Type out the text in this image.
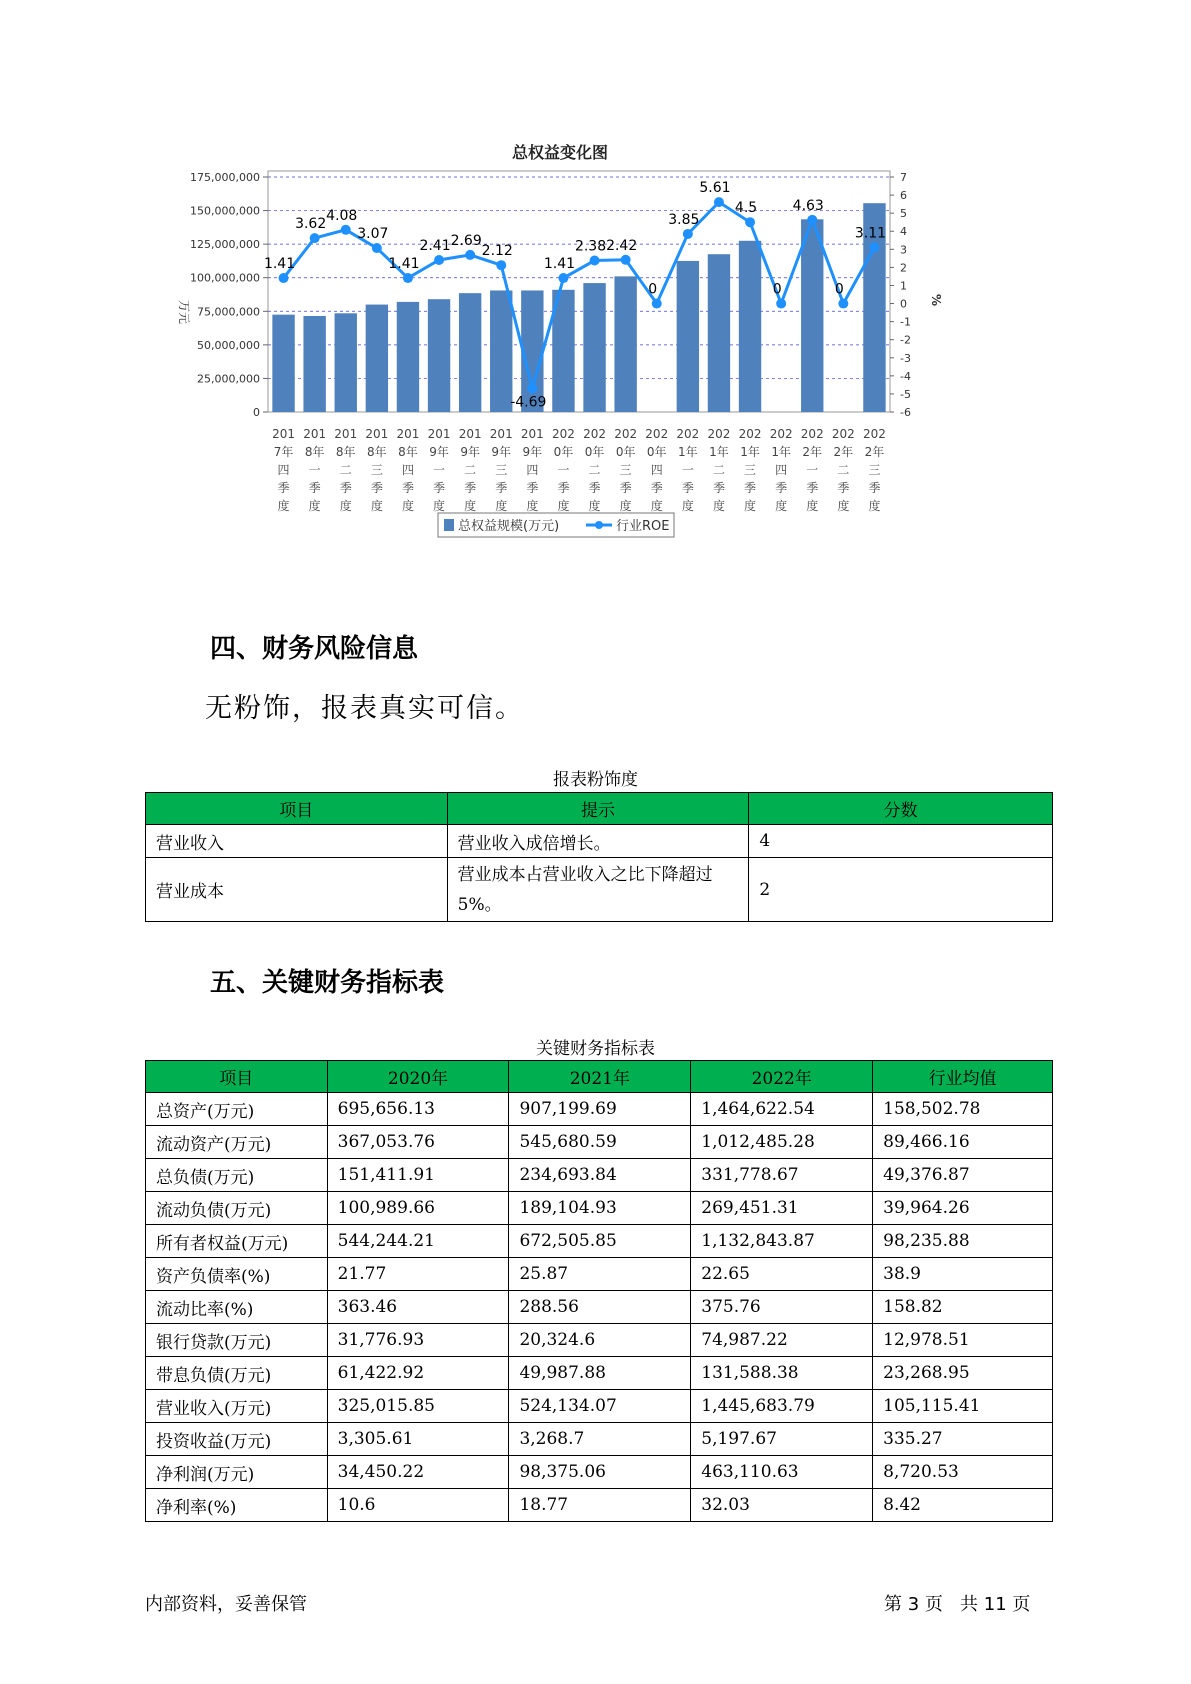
总权益变化图
0
25,000,000
50,000,000
75,000,000
100,000,000
125,000,000
150,000,000
175,000,000
-6
-5
-4
-3
-2
-1
0
1
2
3
4
5
6
7
万元	%
201
7年
四
季
度
201
8年
一
季
度
201
8年
二
季
度
201
8年
三
季
度
201
8年
四
季
度
201
9年
一
季
度
201
9年
二
季
度
201
9年
三
季
度
201
9年
四
季
度
202
0年
一
季
度
202
0年
二
季
度
202
0年
三
季
度
202
0年
四
季
度
202
1年
一
季
度
202
1年
二
季
度
202
1年
三
季
度
202
1年
四
季
度
202
2年
一
季
度
202
2年
二
季
度
202
2年
三
季
度
1.41
3.62
4.08
3.07
1.41
2.41 2.69
2.12
-4.69
1.41
2.38 2.42
0
3.85
5.61
4.5
0
4.63
0
3.11
总权益规模(万元)	行业ROE
四、财务风险信息
无粉饰，报表真实可信。
报表粉饰度
项目	提示	分数
营业收入	营业收入成倍增长。	4
营业成本	营业成本占营业收入之比下降超过5%。	2
五、关键财务指标表
关键财务指标表
项目	2020年	2021年	2022年	行业均值
总资产(万元)	695,656.13	907,199.69	1,464,622.54	158,502.78
流动资产(万元)	367,053.76	545,680.59	1,012,485.28	89,466.16
总负债(万元)	151,411.91	234,693.84	331,778.67	49,376.87
流动负债(万元)	100,989.66	189,104.93	269,451.31	39,964.26
所有者权益(万元)	544,244.21	672,505.85	1,132,843.87	98,235.88
资产负债率(%)	21.77	25.87	22.65	38.9
流动比率(%)	363.46	288.56	375.76	158.82
银行贷款(万元)	31,776.93	20,324.6	74,987.22	12,978.51
带息负债(万元)	61,422.92	49,987.88	131,588.38	23,268.95
营业收入(万元)	325,015.85	524,134.07	1,445,683.79	105,115.41
投资收益(万元)	3,305.61	3,268.7	5,197.67	335.27
净利润(万元)	34,450.22	98,375.06	463,110.63	8,720.53
净利率(%)	10.6	18.77	32.03	8.42
内部资料，妥善保管	第 3 页   共 11 页
